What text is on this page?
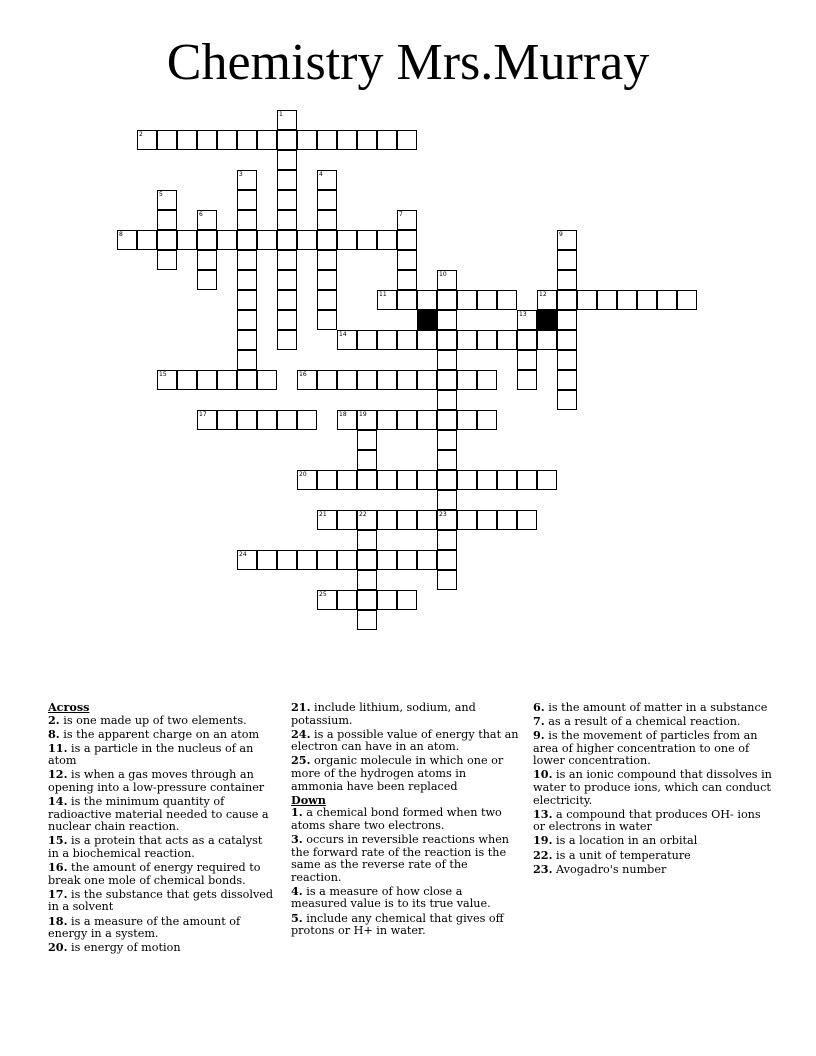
Chemistry Mrs.Murray
1
2
3	4
5
6	7
8	9
10
23
11	12
13
14
15	16
17	18 19
20
21	22
24
25
Across
2. is one made up of two elements.
8. is the apparent charge on an atom
11. is a particle in the nucleus of an atom
12. is when a gas moves through an opening into a low-pressure container
14. is the minimum quantity of radioactive material needed to cause a nuclear chain reaction.
15. is a protein that acts as a catalyst in a biochemical reaction.
16. the amount of energy required to break one mole of chemical bonds.
17. is the substance that gets dissolved in a solvent
18. is a measure of the amount of energy in a system.
20. is energy of motion
21. include lithium, sodium, and potassium.
24. is a possible value of energy that an electron can have in an atom.
25. organic molecule in which one or more of the hydrogen atoms in ammonia have been replaced
Down
1. a chemical bond formed when two atoms share two electrons.
3. occurs in reversible reactions when the forward rate of the reaction is the same as the reverse rate of the reaction.
4. is a measure of how close a measured value is to its true value.
5. include any chemical that gives off protons or H+ in water.
6. is the amount of matter in a substance
7. as a result of a chemical reaction.
9. is the movement of particles from an area of higher concentration to one of lower concentration.
10. is an ionic compound that dissolves in water to produce ions, which can conduct electricity.
13. a compound that produces OH- ions or electrons in water
19. is a location in an orbital
22. is a unit of temperature
23. Avogadro's number
